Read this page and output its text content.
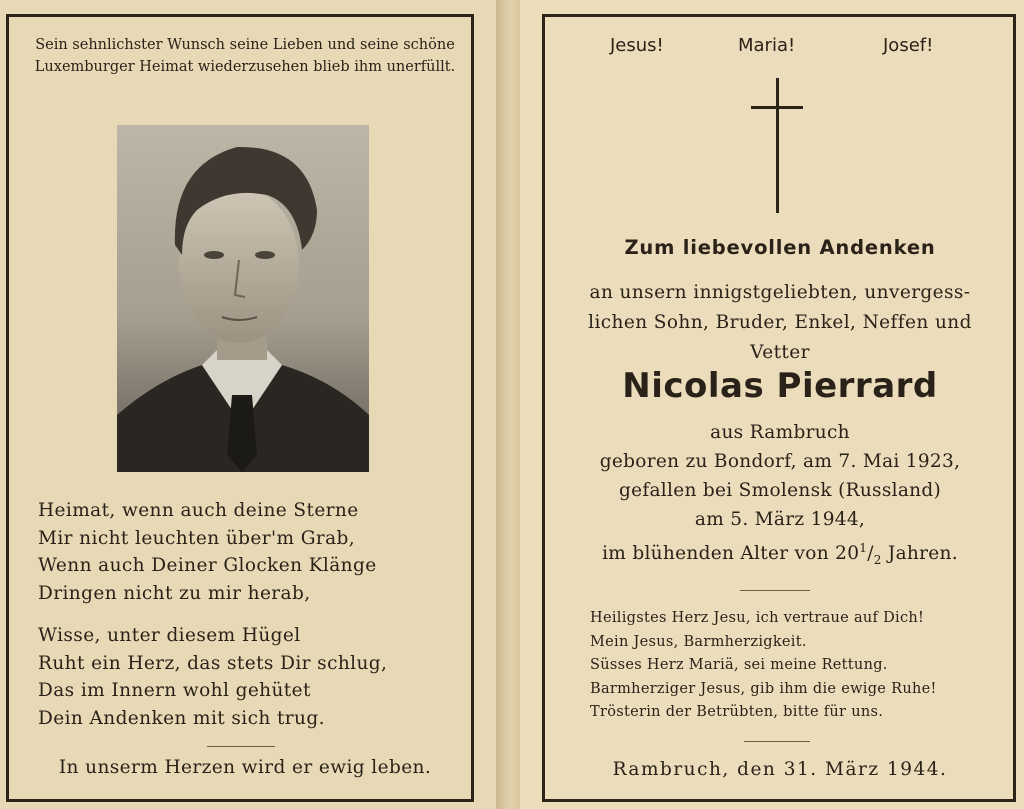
Sein sehnlichster Wunsch seine Lieben und seine schöne Luxemburger Heimat wiederzusehen blieb ihm unerfüllt.
Heimat, wenn auch deine Sterne
Mir nicht leuchten über'm Grab,
Wenn auch Deiner Glocken Klänge
Dringen nicht zu mir herab,
Wisse, unter diesem Hügel
Ruht ein Herz, das stets Dir schlug,
Das im Innern wohl gehütet
Dein Andenken mit sich trug.
In unserm Herzen wird er ewig leben.
Jesus!	Maria!	Josef!
Zum liebevollen Andenken
an unsern innigstgeliebten, unvergess-
lichen Sohn, Bruder, Enkel, Neffen und
Vetter
Nicolas Pierrard
aus Rambruch
geboren zu Bondorf, am 7. Mai 1923,
gefallen bei Smolensk (Russland)
am 5. März 1944,
im blühenden Alter von $20^1/_2$ Jahren.
Heiligstes Herz Jesu, ich vertraue auf Dich!
Mein Jesus, Barmherzigkeit.
Süsses Herz Mariä, sei meine Rettung.
Barmherziger Jesus, gib ihm die ewige Ruhe!
Trösterin der Betrübten, bitte für uns.
Rambruch, den 31. März 1944.
